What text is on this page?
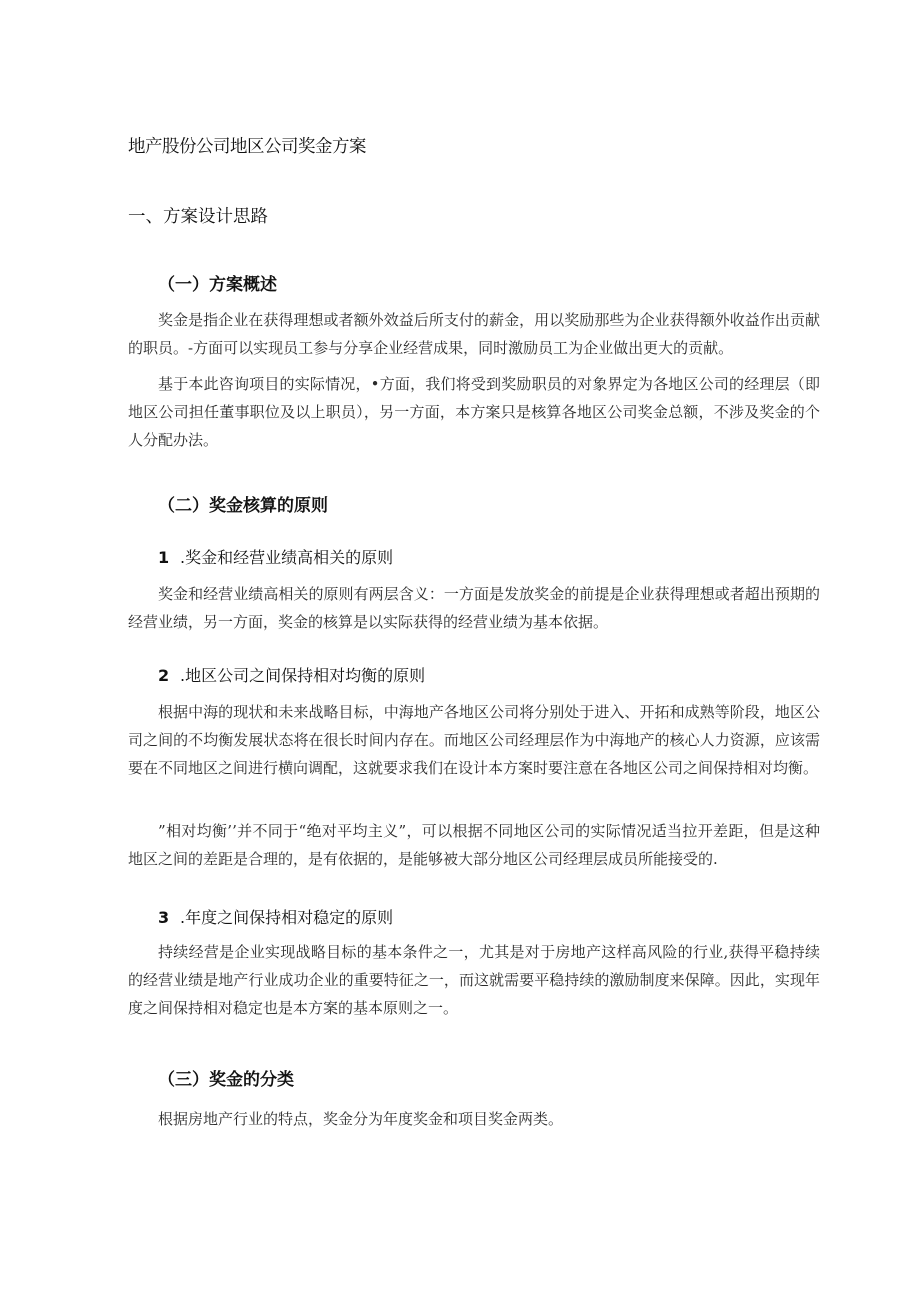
地产股份公司地区公司奖金方案
一、方案设计思路
（一）方案概述

奖金是指企业在获得理想或者额外效益后所支付的薪金，用以奖励那些为企业获得额外收益作出贡献的职员。-方面可以实现员工参与分享企业经营成果，同时激励员工为企业做出更大的贡献。

基于本此咨询项目的实际情况，•方面，我们将受到奖励职员的对象界定为各地区公司的经理层（即地区公司担任董事职位及以上职员），另一方面，本方案只是核算各地区公司奖金总额，不涉及奖金的个人分配办法。

（二）奖金核算的原则
1 .奖金和经营业绩高相关的原则

奖金和经营业绩高相关的原则有两层含义：一方面是发放奖金的前提是企业获得理想或者超出预期的经营业绩，另一方面，奖金的核算是以实际获得的经营业绩为基本依据。

2 .地区公司之间保持相对均衡的原则

根据中海的现状和未来战略目标，中海地产各地区公司将分别处于进入、开拓和成熟等阶段，地区公司之间的不均衡发展状态将在很长时间内存在。而地区公司经理层作为中海地产的核心人力资源，应该需要在不同地区之间进行横向调配，这就要求我们在设计本方案时要注意在各地区公司之间保持相对均衡。

”相对均衡’’并不同于“绝对平均主义”，可以根据不同地区公司的实际情况适当拉开差距，但是这种地区之间的差距是合理的，是有依据的，是能够被大部分地区公司经理层成员所能接受的.

3 .年度之间保持相对稳定的原则

持续经营是企业实现战略目标的基本条件之一，尤其是对于房地产这样高风险的行业,获得平稳持续的经营业绩是地产行业成功企业的重要特征之一，而这就需要平稳持续的激励制度来保障。因此，实现年度之间保持相对稳定也是本方案的基本原则之一。

（三）奖金的分类

根据房地产行业的特点，奖金分为年度奖金和项目奖金两类。
